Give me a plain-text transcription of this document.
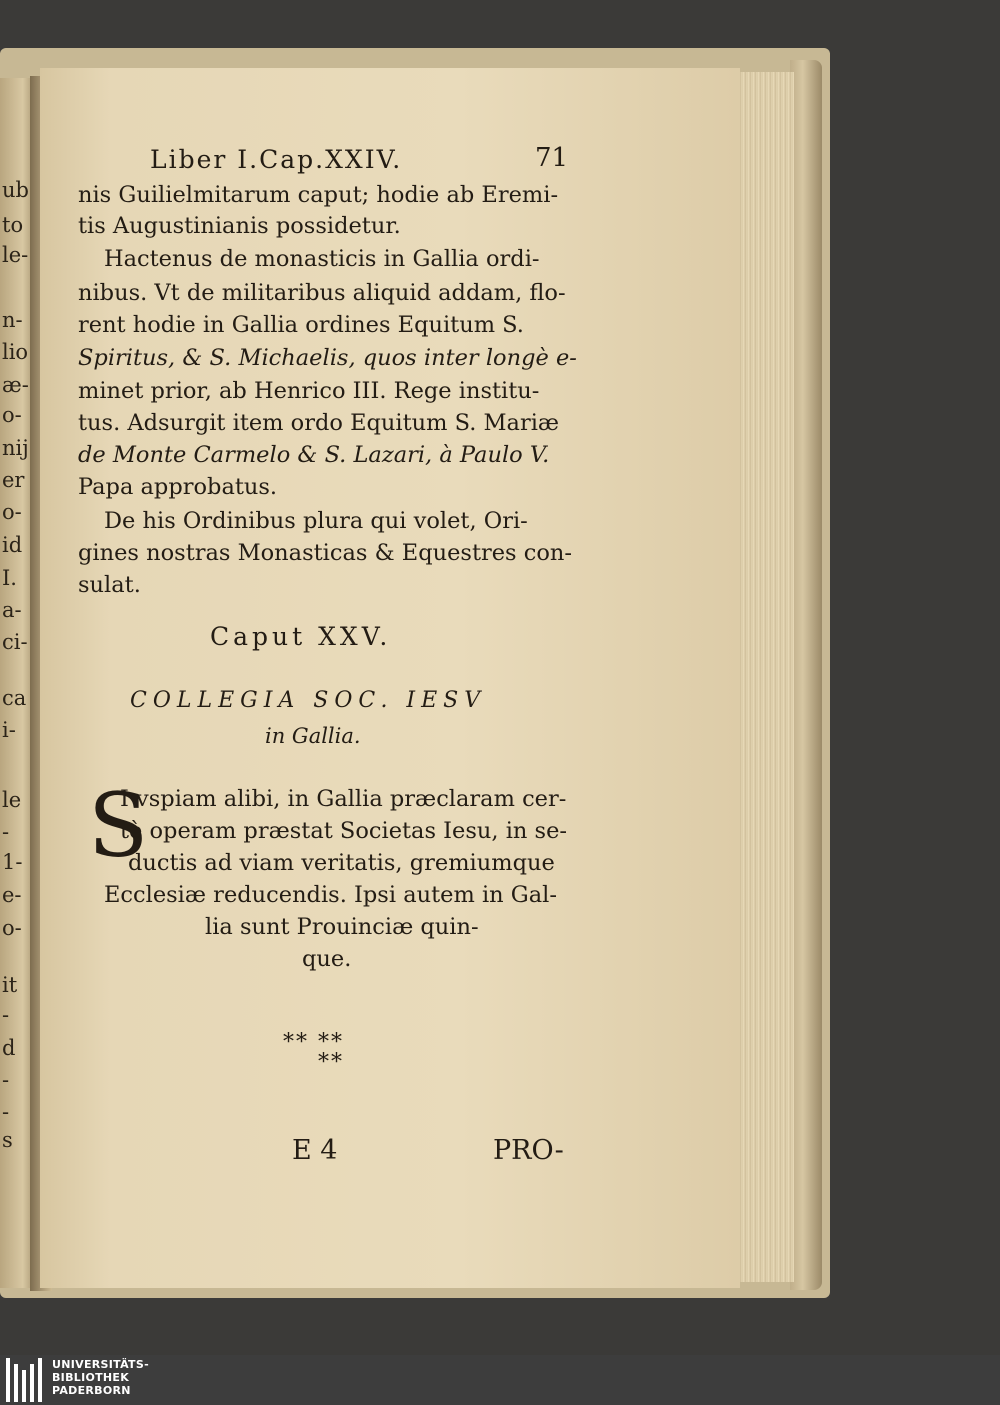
ub
to
le-
n-
lio
æ-
o-
nij
er
o-
id
I.
a-
ci-
ca
i-
le
-
1-
e-
o-
it
-
d
-
-
s
Liber I.Cap.XXIV.	71
nis Guilielmitarum caput; hodie ab Eremi-
tis Augustinianis possidetur.
Hactenus de monasticis in Gallia ordi-
nibus. Vt de militaribus aliquid addam, flo-
rent hodie in Gallia ordines Equitum S.
Spiritus, & S. Michaelis, quos inter longè e-
minet prior, ab Henrico III. Rege institu-
tus. Adsurgit item ordo Equitum S. Mariæ
de Monte Carmelo & S. Lazari, à Paulo V.
Papa approbatus.
De his Ordinibus plura qui volet, Ori-
gines nostras Monasticas & Equestres con-
sulat.
Caput XXV.
COLLEGIA SOC. IESV
in Gallia.
S
I vspiam alibi, in Gallia præclaram cer-
tè operam præstat Societas Iesu, in se-
ductis ad viam veritatis, gremiumque
Ecclesiæ reducendis. Ipsi autem in Gal-
lia sunt Prouinciæ quin-
que.
** **
**
E 4	PRO-
UNIVERSITÄTS-
BIBLIOTHEK
PADERBORN
